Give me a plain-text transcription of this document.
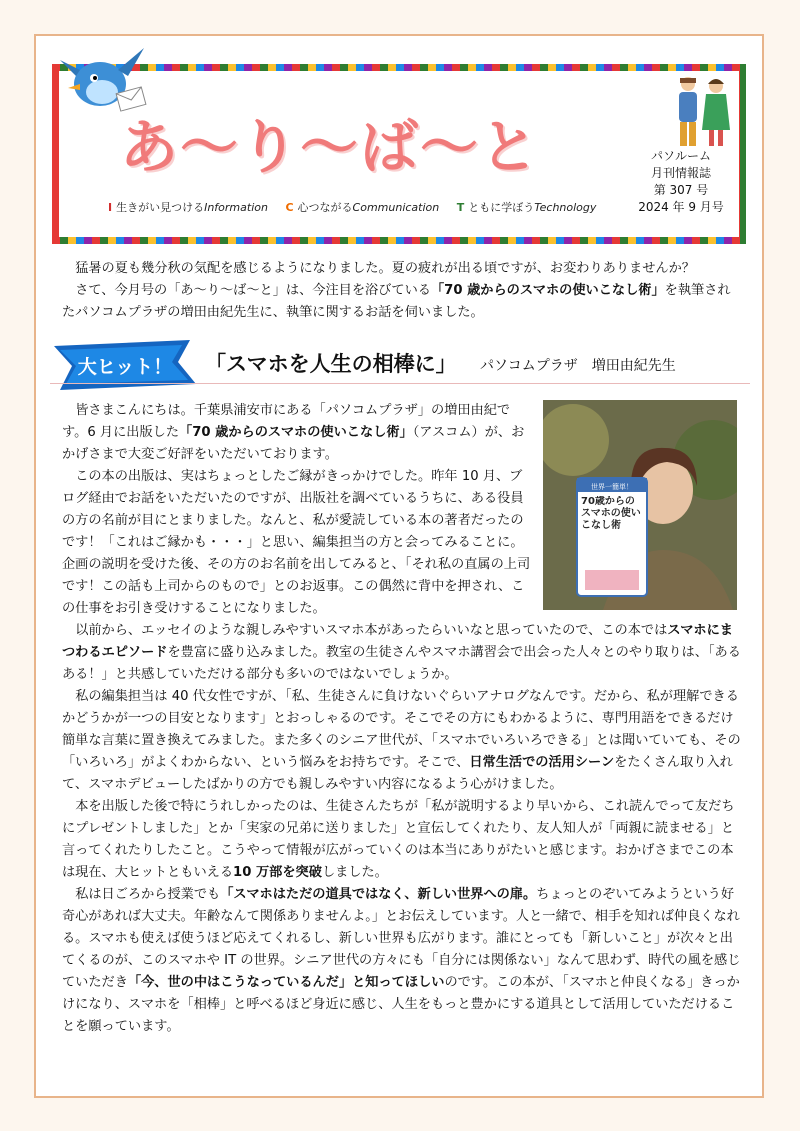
あ～り～ば～と
I 生きがい見つけるInformation C 心つながるCommunication T ともに学ぼうTechnology
パソルーム
月刊情報誌
第 307 号
2024 年 9 月号

猛暑の夏も幾分秋の気配を感じるようになりました。夏の疲れが出る頃ですが、お変わりありませんか？

さて、今月号の「あ～り～ば～と」は、今注目を浴びている「70 歳からのスマホの使いこなし術」を執筆されたパソコムプラザの増田由紀先生に、執筆に関するお話を伺いました。

大ヒット！ 「スマホを人生の相棒に」 パソコムプラザ　増田由紀先生
世界一簡単！
70歳からのスマホの使いこなし術

皆さまこんにちは。千葉県浦安市にある「パソコムプラザ」の増田由紀です。6 月に出版した「70 歳からのスマホの使いこなし術」（アスコム）が、おかげさまで大変ご好評をいただいております。

この本の出版は、実はちょっとしたご縁がきっかけでした。昨年 10 月、ブログ経由でお話をいただいたのですが、出版社を調べているうちに、ある役員の方の名前が目にとまりました。なんと、私が愛読している本の著者だったのです！「これはご縁かも・・・」と思い、編集担当の方と会ってみることに。企画の説明を受けた後、その方のお名前を出してみると、「それ私の直属の上司です！この話も上司からのもので」とのお返事。この偶然に背中を押され、この仕事をお引き受けすることになりました。

以前から、エッセイのような親しみやすいスマホ本があったらいいなと思っていたので、この本ではスマホにまつわるエピソードを豊富に盛り込みました。教室の生徒さんやスマホ講習会で出会った人々とのやり取りは、「あるある！」と共感していただける部分も多いのではないでしょうか。

私の編集担当は 40 代女性ですが、「私、生徒さんに負けないぐらいアナログなんです。だから、私が理解できるかどうかが一つの目安となります」とおっしゃるのです。そこでその方にもわかるように、専門用語をできるだけ簡単な言葉に置き換えてみました。また多くのシニア世代が、「スマホでいろいろできる」とは聞いていても、その「いろいろ」がよくわからない、という悩みをお持ちです。そこで、日常生活での活用シーンをたくさん取り入れて、スマホデビューしたばかりの方でも親しみやすい内容になるよう心がけました。

本を出版した後で特にうれしかったのは、生徒さんたちが「私が説明するより早いから、これ読んでって友だちにプレゼントしました」とか「実家の兄弟に送りました」と宣伝してくれたり、友人知人が「両親に読ませる」と言ってくれたりしたこと。こうやって情報が広がっていくのは本当にありがたいと感じます。おかげさまでこの本は現在、大ヒットともいえる10 万部を突破しました。

私は日ごろから授業でも「スマホはただの道具ではなく、新しい世界への扉。ちょっとのぞいてみようという好奇心があれば大丈夫。年齢なんて関係ありませんよ。」とお伝えしています。人と一緒で、相手を知れば仲良くなれる。スマホも使えば使うほど応えてくれるし、新しい世界も広がります。誰にとっても「新しいこと」が次々と出てくるのが、このスマホや IT の世界。シニア世代の方々にも「自分には関係ない」なんて思わず、時代の風を感じていただき「今、世の中はこうなっているんだ」と知ってほしいのです。この本が、「スマホと仲良くなる」きっかけになり、スマホを「相棒」と呼べるほど身近に感じ、人生をもっと豊かにする道具として活用していただけることを願っています。
